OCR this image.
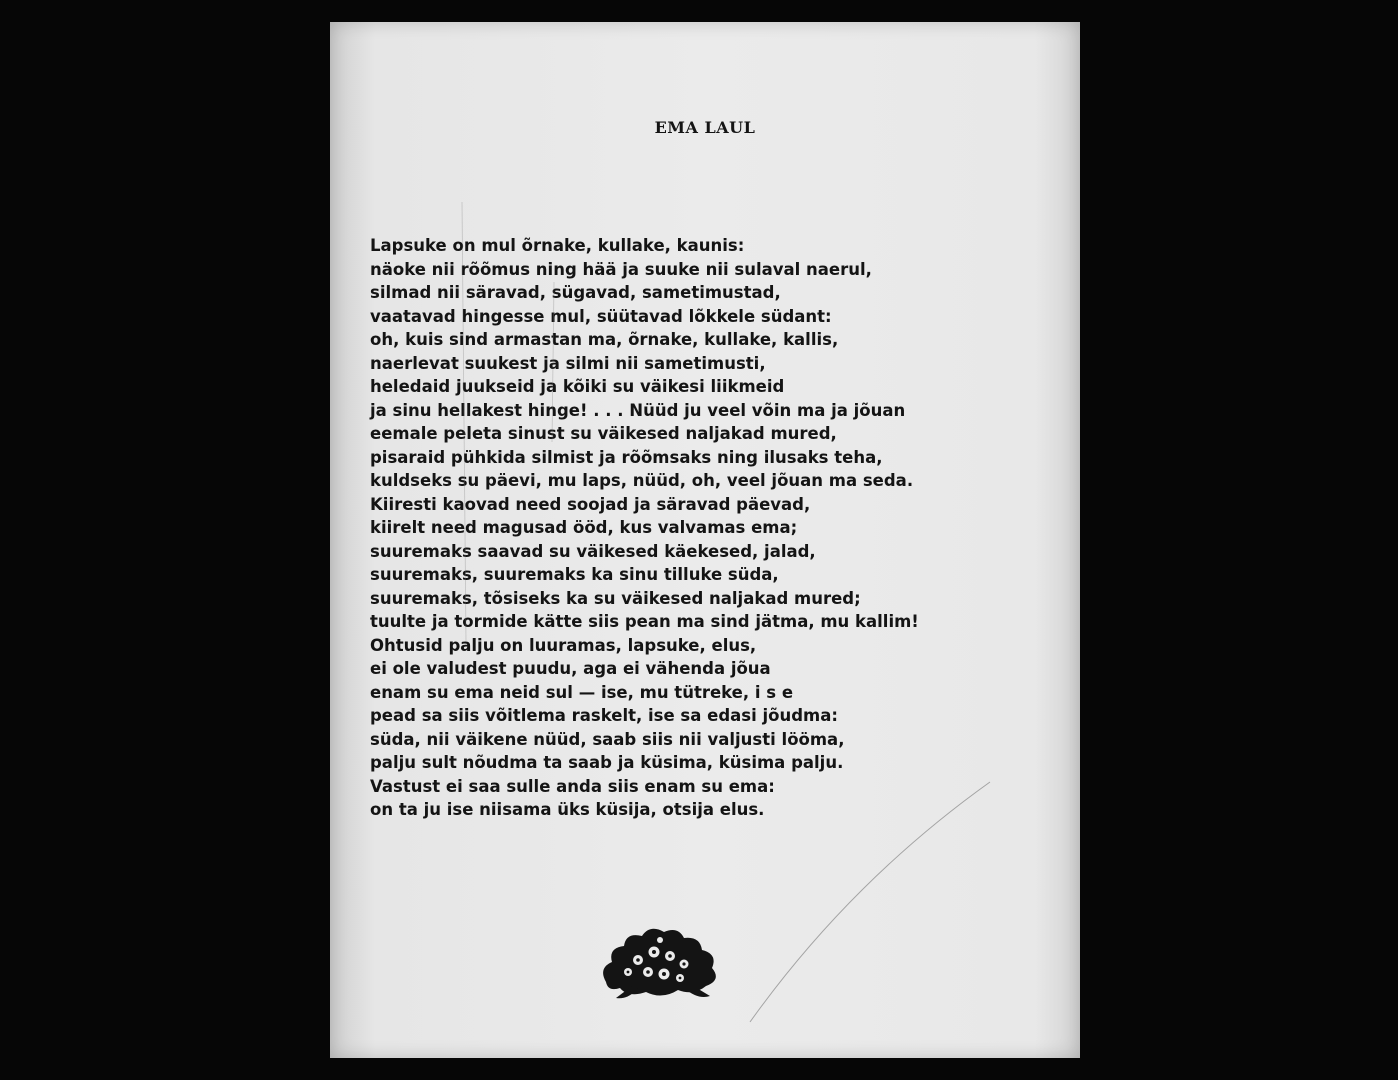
EMA LAUL
Lapsuke on mul õrnake, kullake, kaunis:
näoke nii rõõmus ning hää ja suuke nii sulaval naerul,
silmad nii säravad, sügavad, sametimustad,
vaatavad hingesse mul, süütavad lõkkele südant:
oh, kuis sind armastan ma, õrnake, kullake, kallis,
naerlevat suukest ja silmi nii sametimusti,
heledaid juukseid ja kõiki su väikesi liikmeid
ja sinu hellakest hinge! . . . Nüüd ju veel võin ma ja jõuan
eemale peleta sinust su väikesed naljakad mured,
pisaraid pühkida silmist ja rõõmsaks ning ilusaks teha,
kuldseks su päevi, mu laps, nüüd, oh, veel jõuan ma seda.
Kiiresti kaovad need soojad ja säravad päevad,
kiirelt need magusad ööd, kus valvamas ema;
suuremaks saavad su väikesed käekesed, jalad,
suuremaks, suuremaks ka sinu tilluke süda,
suuremaks, tõsiseks ka su väikesed naljakad mured;
tuulte ja tormide kätte siis pean ma sind jätma, mu kallim!
Ohtusid palju on luuramas, lapsuke, elus,
ei ole valudest puudu, aga ei vähenda jõua
enam su ema neid sul — ise, mu tütreke, i s e
pead sa siis võitlema raskelt, ise sa edasi jõudma:
süda, nii väikene nüüd, saab siis nii valjusti lööma,
palju sult nõudma ta saab ja küsima, küsima palju.
Vastust ei saa sulle anda siis enam su ema:
on ta ju ise niisama üks küsija, otsija elus.
